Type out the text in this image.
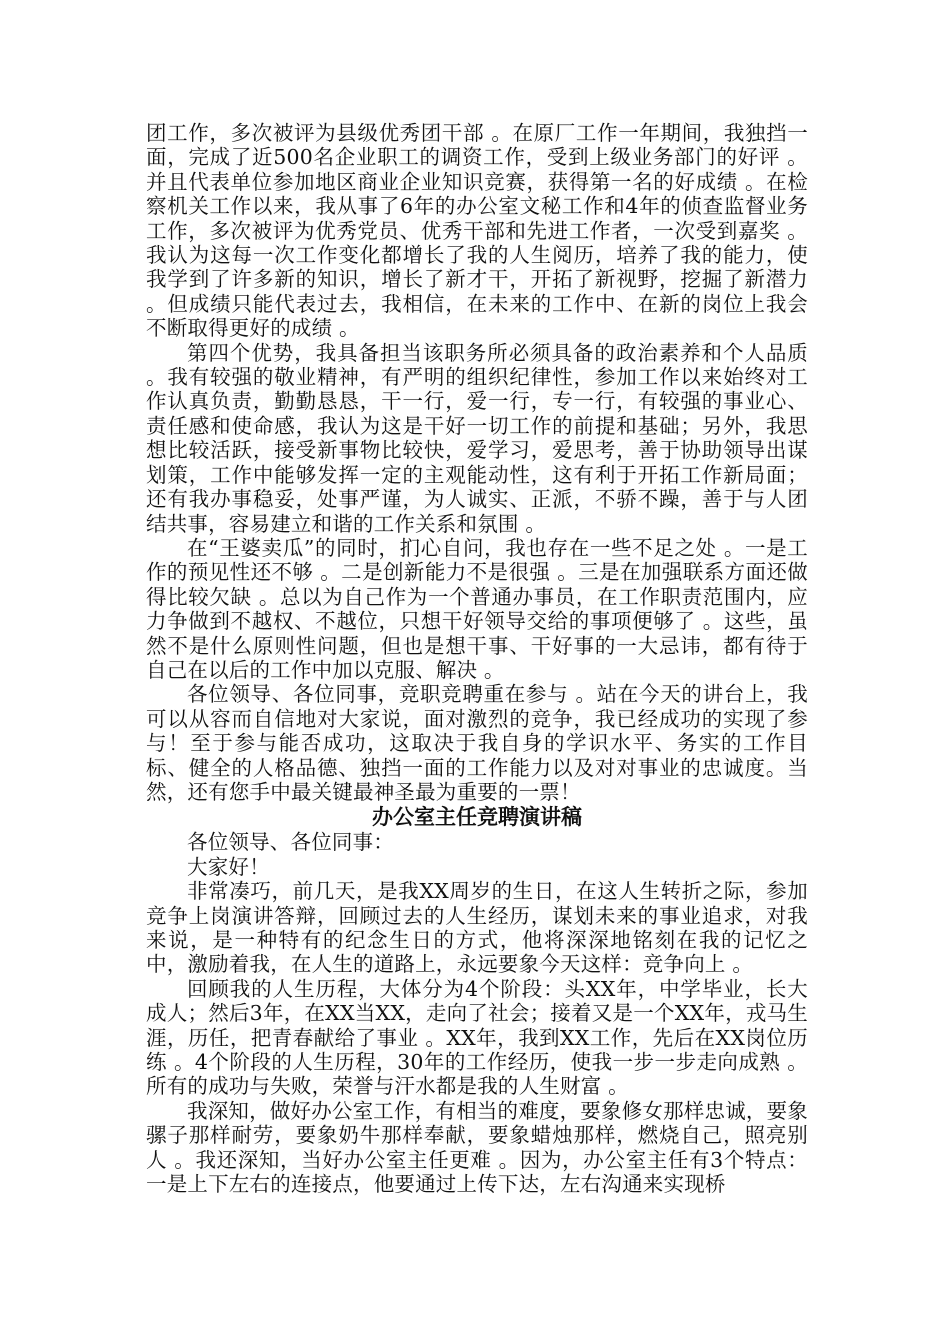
团工作，多次被评为县级优秀团干部 。在原厂工作一年期间，我独挡一面，完成了近500名企业职工的调资工作，受到上级业务部门的好评 。并且代表单位参加地区商业企业知识竞赛，获得第一名的好成绩 。在检察机关工作以来，我从事了6年的办公室文秘工作和4年的侦查监督业务工作，多次被评为优秀党员、优秀干部和先进工作者，一次受到嘉奖 。我认为这每一次工作变化都增长了我的人生阅历，培养了我的能力，使我学到了许多新的知识，增长了新才干，开拓了新视野，挖掘了新潜力 。但成绩只能代表过去，我相信，在未来的工作中、在新的岗位上我会不断取得更好的成绩 。

第四个优势，我具备担当该职务所必须具备的政治素养和个人品质 。我有较强的敬业精神，有严明的组织纪律性，参加工作以来始终对工作认真负责，勤勤恳恳，干一行，爱一行，专一行，有较强的事业心、责任感和使命感，我认为这是干好一切工作的前提和基础；另外，我思想比较活跃，接受新事物比较快，爱学习，爱思考，善于协助领导出谋划策，工作中能够发挥一定的主观能动性，这有利于开拓工作新局面；还有我办事稳妥，处事严谨，为人诚实、正派，不骄不躁，善于与人团结共事，容易建立和谐的工作关系和氛围 。

在“王婆卖瓜”的同时，扪心自问，我也存在一些不足之处 。一是工作的预见性还不够 。二是创新能力不是很强 。三是在加强联系方面还做得比较欠缺 。总以为自己作为一个普通办事员，在工作职责范围内，应力争做到不越权、不越位，只想干好领导交给的事项便够了 。这些，虽然不是什么原则性问题，但也是想干事、干好事的一大忌讳，都有待于自己在以后的工作中加以克服、解决 。

各位领导、各位同事，竞职竞聘重在参与 。站在今天的讲台上，我可以从容而自信地对大家说，面对激烈的竞争，我已经成功的实现了参与！至于参与能否成功，这取决于我自身的学识水平、务实的工作目标、健全的人格品德、独挡一面的工作能力以及对对事业的忠诚度。当然，还有您手中最关键最神圣最为重要的一票！

办公室主任竞聘演讲稿

各位领导、各位同事：

大家好！

非常凑巧，前几天，是我XX周岁的生日，在这人生转折之际，参加竞争上岗演讲答辩，回顾过去的人生经历，谋划未来的事业追求，对我来说，是一种特有的纪念生日的方式，他将深深地铭刻在我的记忆之中，激励着我，在人生的道路上，永远要象今天这样：竞争向上 。

回顾我的人生历程，大体分为4个阶段：头XX年，中学毕业，长大成人；然后3年，在XX当XX，走向了社会；接着又是一个XX年，戎马生涯，历任，把青春献给了事业 。XX年，我到XX工作，先后在XX岗位历练 。4个阶段的人生历程，30年的工作经历，使我一步一步走向成熟 。所有的成功与失败，荣誉与汗水都是我的人生财富 。

我深知，做好办公室工作，有相当的难度，要象修女那样忠诚，要象骡子那样耐劳，要象奶牛那样奉献，要象蜡烛那样，燃烧自己，照亮别人 。我还深知，当好办公室主任更难 。因为，办公室主任有3个特点：一是上下左右的连接点，他要通过上传下达，左右沟通来实现桥
